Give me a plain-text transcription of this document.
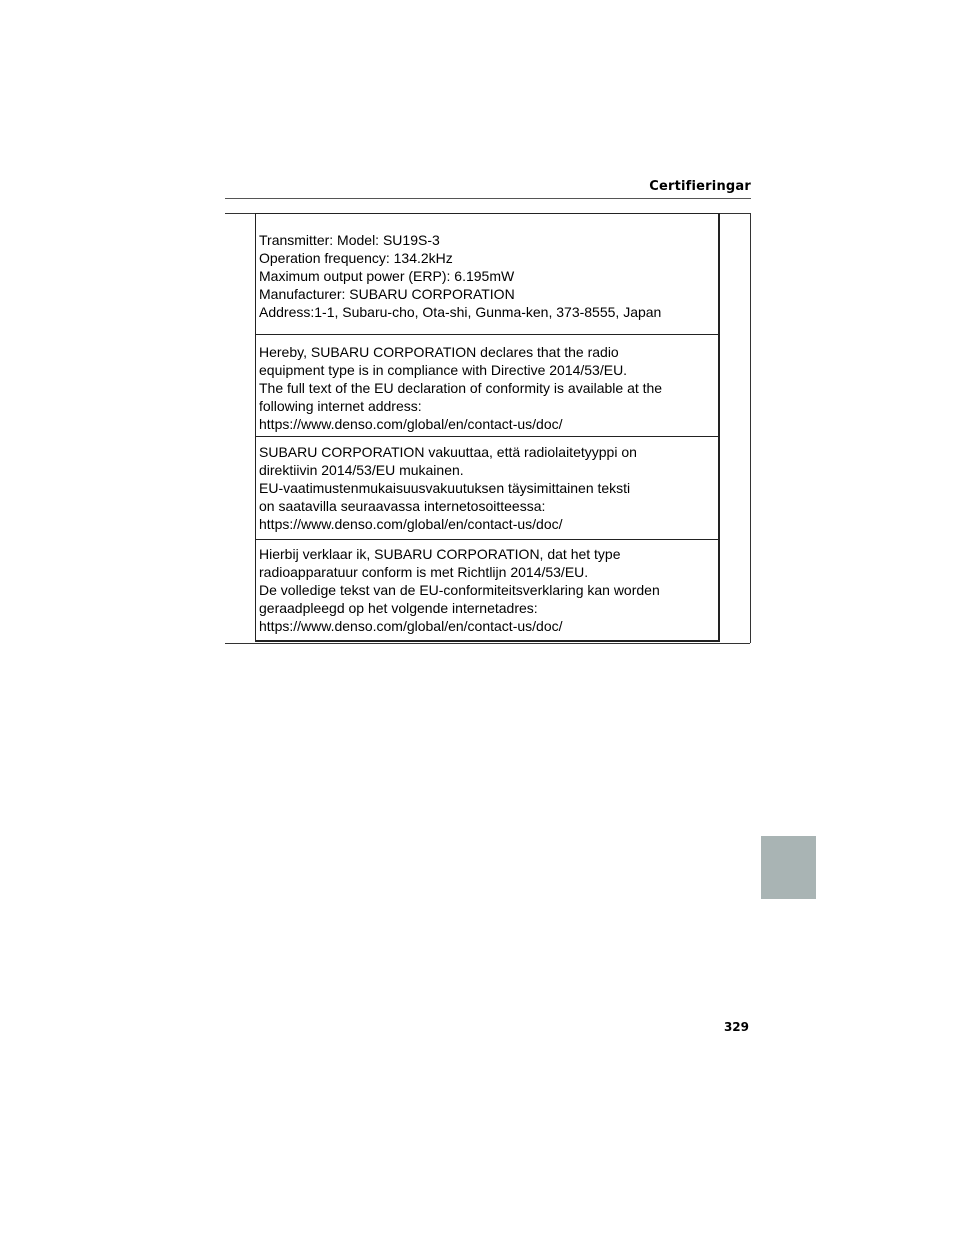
Certifieringar
Transmitter: Model: SU19S-3
Operation frequency: 134.2kHz
Maximum output power (ERP): 6.195mW
Manufacturer: SUBARU CORPORATION
Address:1-1, Subaru-cho, Ota-shi, Gunma-ken, 373-8555, Japan
Hereby, SUBARU CORPORATION declares that the radio
equipment type is in compliance with Directive 2014/53/EU.
The full text of the EU declaration of conformity is available at the
following internet address:
https://www.denso.com/global/en/contact-us/doc/
SUBARU CORPORATION vakuuttaa, että radiolaitetyyppi on
direktiivin 2014/53/EU mukainen.
EU-vaatimustenmukaisuusvakuutuksen täysimittainen teksti
on saatavilla seuraavassa internetosoitteessa:
https://www.denso.com/global/en/contact-us/doc/
Hierbij verklaar ik, SUBARU CORPORATION, dat het type
radioapparatuur conform is met Richtlijn 2014/53/EU.
De volledige tekst van de EU-conformiteitsverklaring kan worden
geraadpleegd op het volgende internetadres:
https://www.denso.com/global/en/contact-us/doc/
329
